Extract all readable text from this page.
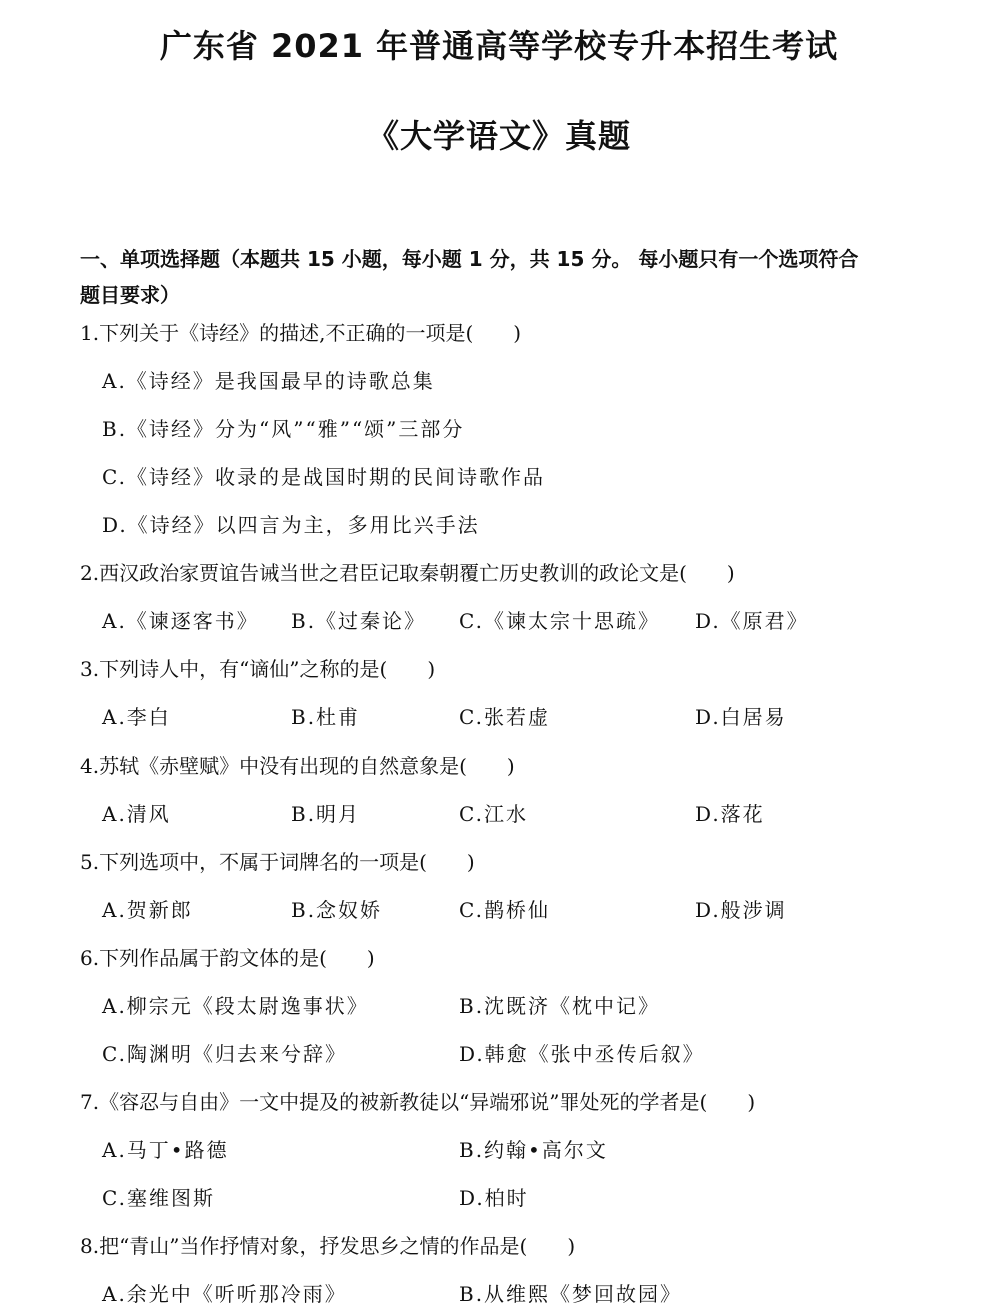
广东省 2021 年普通高等学校专升本招生考试
《大学语文》真题
一、单项选择题（本题共 15 小题，每小题 1 分，共 15 分。 每小题只有一个选项符合
题目要求）
1.下列关于《诗经》的描述,不正确的一项是(　　)
A.《诗经》是我国最早的诗歌总集
B.《诗经》分为“风”“雅”“颂”三部分
C.《诗经》收录的是战国时期的民间诗歌作品
D.《诗经》以四言为主，多用比兴手法
2.西汉政治家贾谊告诫当世之君臣记取秦朝覆亡历史教训的政论文是(　　)
A.《谏逐客书》 B.《过秦论》 C.《谏太宗十思疏》 D.《原君》
3.下列诗人中，有“谪仙”之称的是(　　)
A.李白	B.杜甫	C.张若虚	D.白居易
4.苏轼《赤壁赋》中没有出现的自然意象是(　　)
A.清风	B.明月	C.江水	D.落花
5.下列选项中，不属于词牌名的一项是(　　)
A.贺新郎	B.念奴娇	C.鹊桥仙	D.般涉调
6.下列作品属于韵文体的是(　　)
A.柳宗元《段太尉逸事状》	B.沈既济《枕中记》
C.陶渊明《归去来兮辞》	D.韩愈《张中丞传后叙》
7.《容忍与自由》一文中提及的被新教徒以“异端邪说”罪处死的学者是(　　)
A.马丁•路德	B.约翰•高尔文
C.塞维图斯	D.柏时
8.把“青山”当作抒情对象，抒发思乡之情的作品是(　　)
A.余光中《听听那冷雨》	B.从维熙《梦回故园》
